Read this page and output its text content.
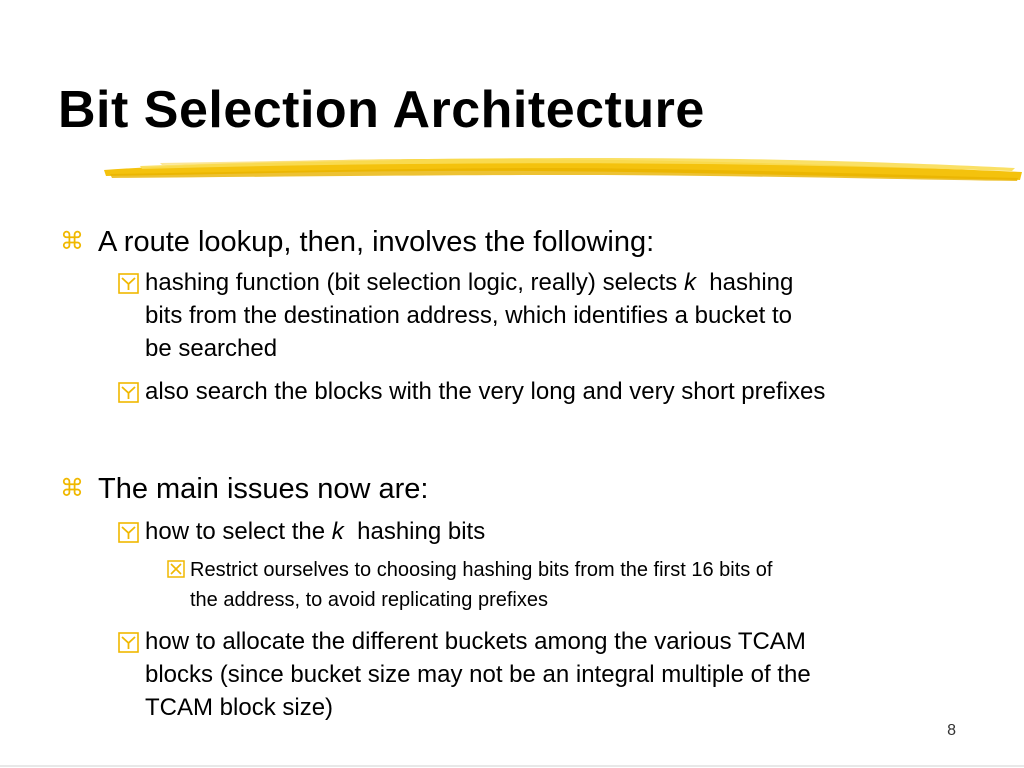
Bit Selection Architecture
⌘ A route lookup, then, involves the following:
hashing function (bit selection logic, really) selects k  hashing
bits from the destination address, which identifies a bucket to
be searched
also search the blocks with the very long and very short prefixes
⌘ The main issues now are:
how to select the k  hashing bits
Restrict ourselves to choosing hashing bits from the first 16 bits of
the address, to avoid replicating prefixes
how to allocate the different buckets among the various TCAM
blocks (since bucket size may not be an integral multiple of the
TCAM block size)
8
